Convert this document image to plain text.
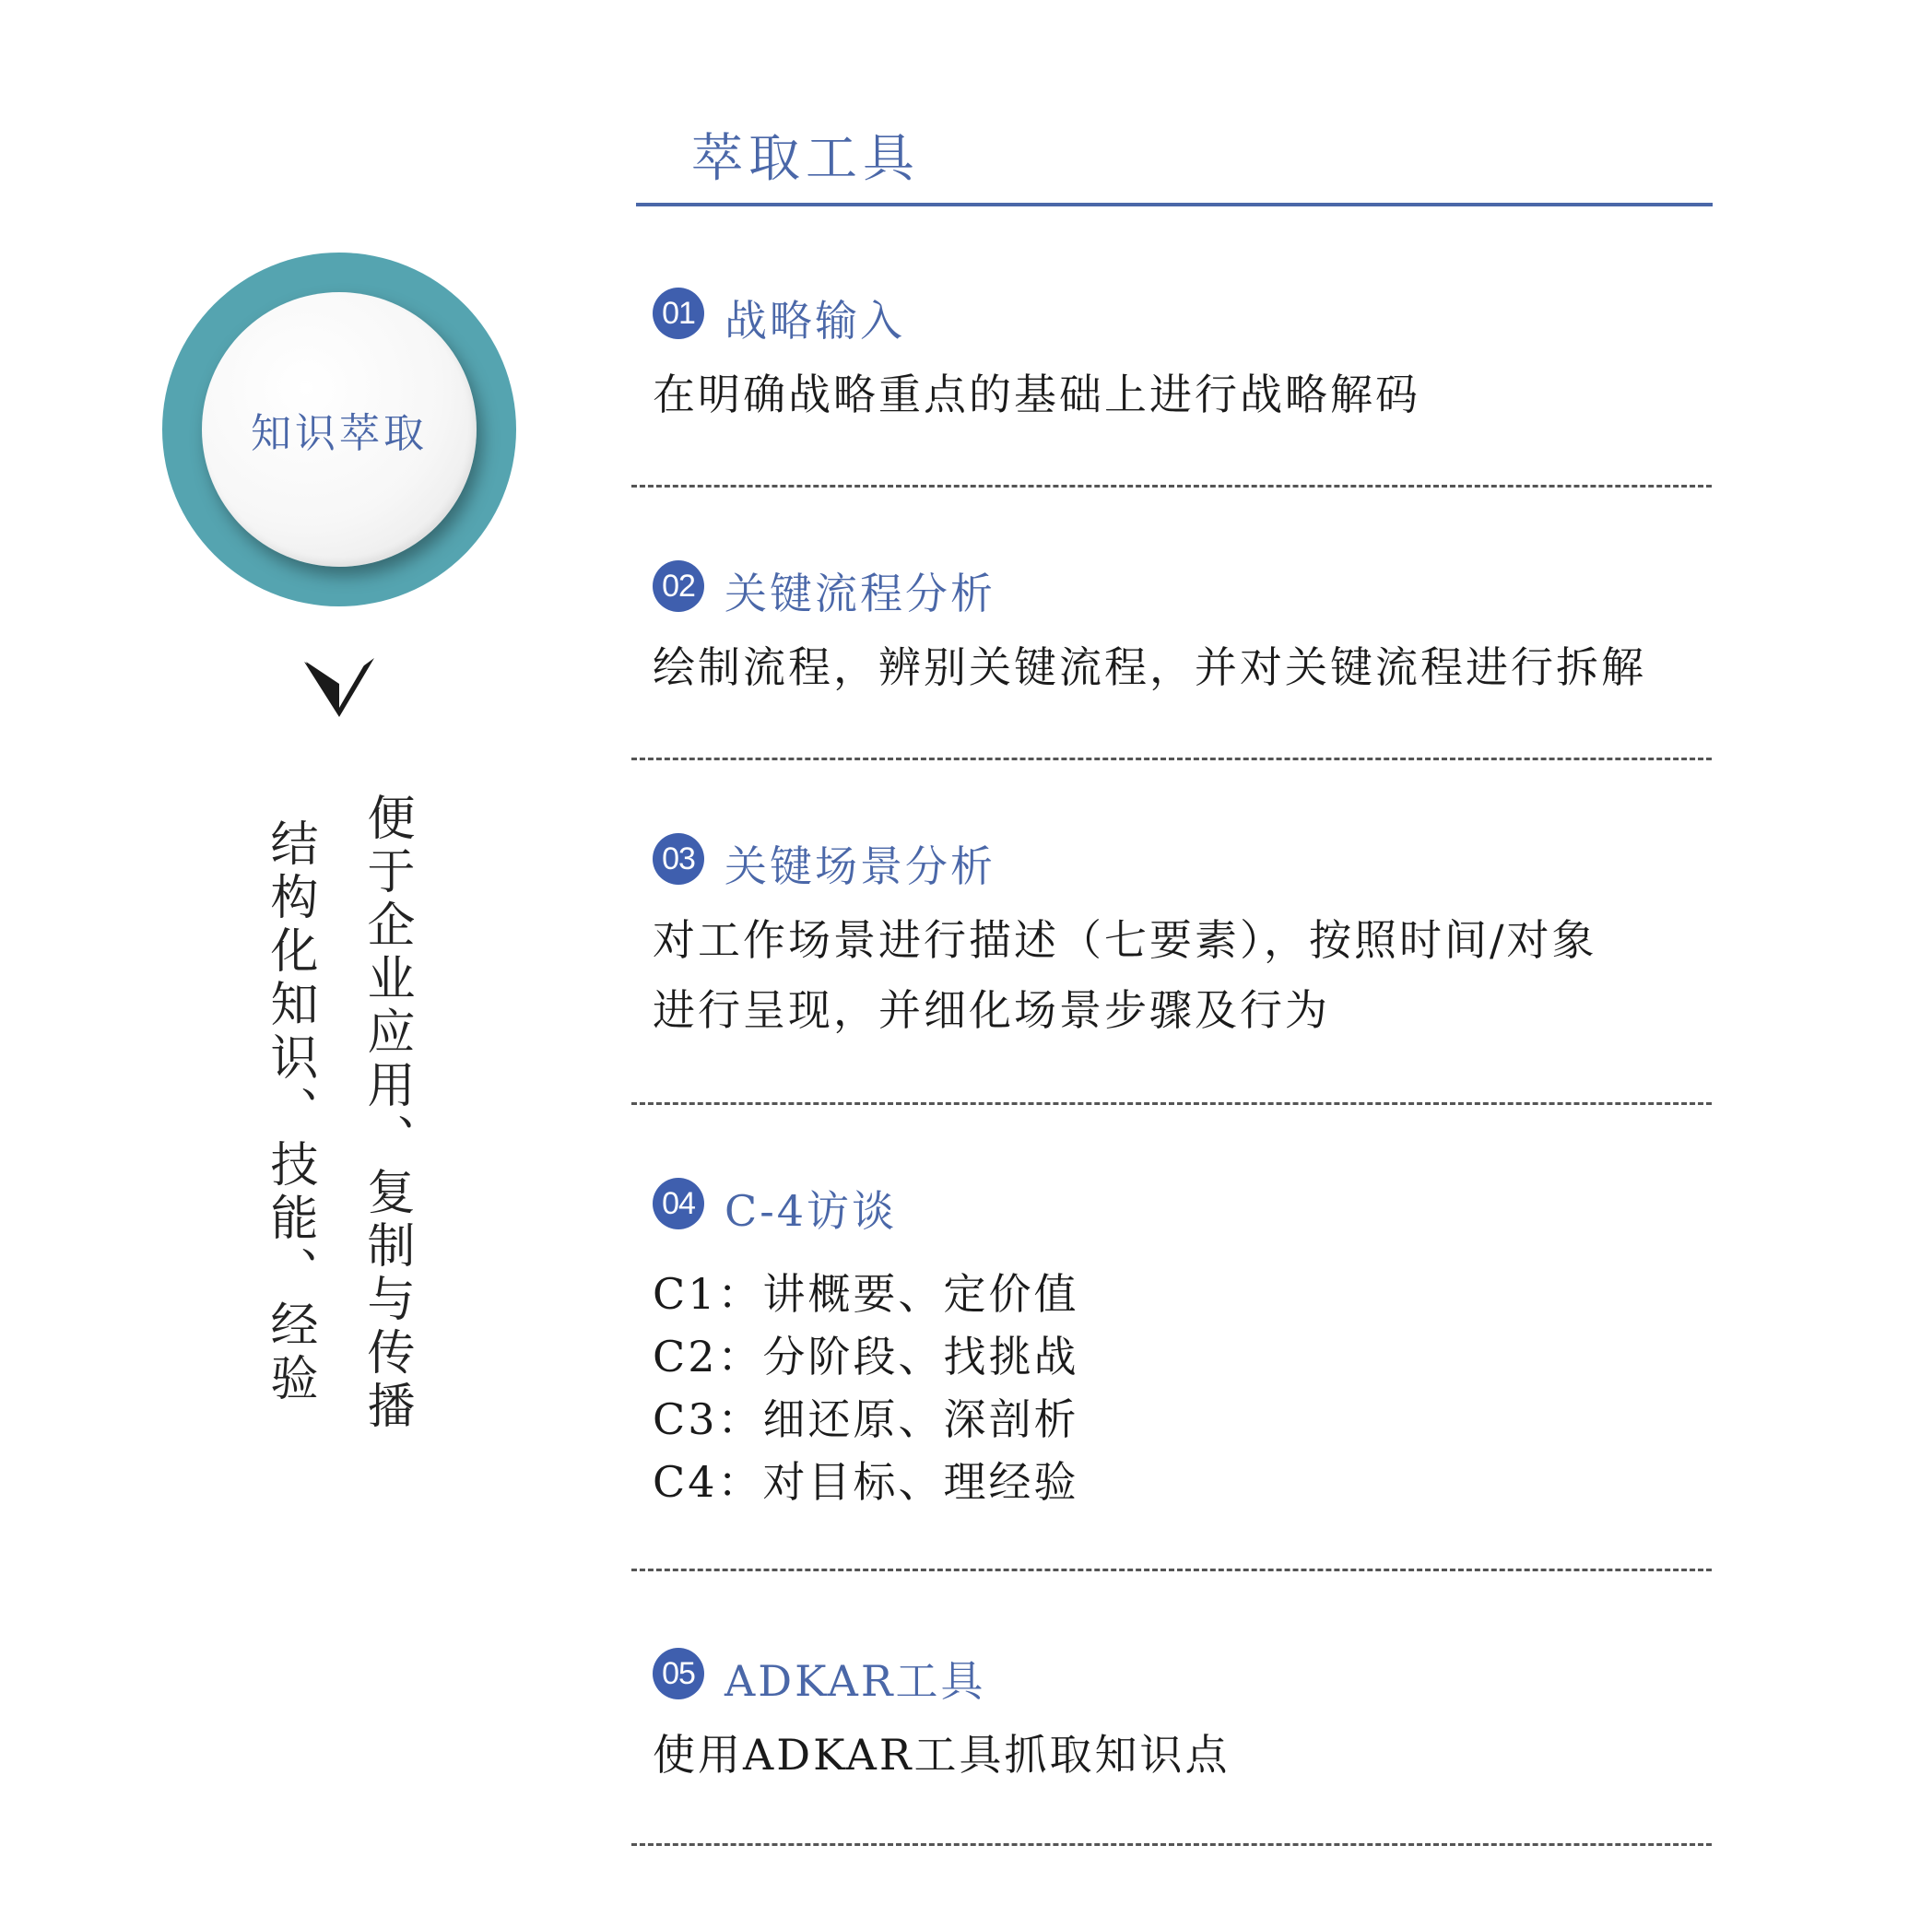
萃取工具
知识萃取
便于企业应用、复制与传播
结构化知识、技能、经验
01 战略输入
在明确战略重点的基础上进行战略解码
02 关键流程分析
绘制流程，辨别关键流程，并对关键流程进行拆解
03 关键场景分析
对工作场景进行描述（七要素），按照时间/对象
进行呈现，并细化场景步骤及行为
04 C-4访谈
C1：讲概要、定价值
C2：分阶段、找挑战
C3：细还原、深剖析
C4：对目标、理经验
05 ADKAR工具
使用ADKAR工具抓取知识点
